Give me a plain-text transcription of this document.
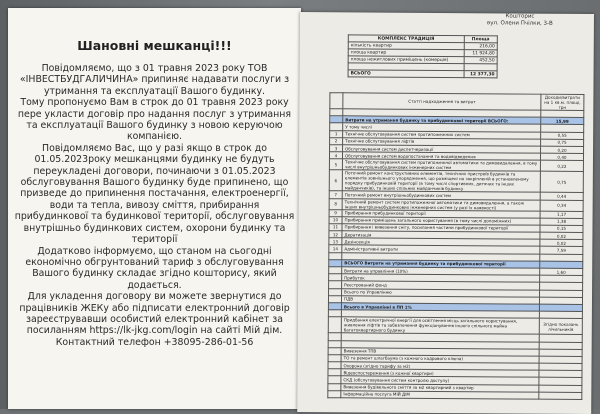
Шановні мешканці!!!

Повідомляємо, що з 01 травня 2023 року ТОВ «ІНВЕСТБУДГАЛИЧИНА» припиняє надавати послуги з утримання та експлуатації Вашого будинку.

Тому пропонуємо Вам в строк до 01 травня 2023 року пере укласти договір про надання послуг з утримання та експлуатації Вашого будинку з новою керуючою компанією.

Повідомляємо Вас, що у разі якщо в строк до 01.05.2023року мешканцями будинку не будуть переукладені договори, починаючи з 01.05.2023 обслуговування Вашого будинку буде припинено, що призведе до припинення постачання, електроенергії, води та тепла, вивозу сміття, прибирання прибудинкової та будинкової території, обслуговування внутрішньо будинкових систем, охорони будинку та території

Додатково інформуємо, що станом на сьогодні економічно обгрунтований тариф з обслуговування Вашого будинку складає згідно кошторису, який додається.

Для укладення договору ви можете звернутися до працівників ЖЕКу або підписати електронний договір зареєструвавши особистий електронний кабінет за посиланням https://lk-jkg.com/login на сайті Мій дім. Контактний телефон +38095-286-01-56

Кошторис
вул. Олени Пчілки, 3-В
КОМПЛЕКС ТРАДИЦІЯ	Площа
кількість квартир	216,00
площа квартир	11 924,80
площа нежитлових приміщень (комерція)	452,50

ВСЬОГО	12 377,30
	Статті надходження та витрат	Доходи/витрати на 1 кв.м. площі, грн

	Витрати на утримання будинку та прибудинкової території ВСЬОГО:	15,99
	У тому числі	
1	Технічне обслуговування систем протипожежних систем	0,55
2	Технічне обслуговування ліфтів	0,75
3	Обслуговування систем диспетчеризації	0,20
4	Обслуговування систем водопостачання та водовідведення	0,40
5	Технічне обслуговування систем протипожежної автоматики та димовидалення, в тому числі внутрішньобудинкових інженерних систем	0,22
6	Поточний ремонт конструктивних елементів, технічних пристроїв будинків та елементів зовнішнього упорядження, що розміщені на закріпленій в установленому порядку прибудинковій території (в тому числі спортивних, дитячих та інших майданчиків), та інших спільних майданчиків будинку	0,75
7	Поточний ремонт внутрішньобудинкових систем	0,44
8	Технічний ремонт систем протипожежної автоматики та димовидалення, а також інших внутрішньобудинкових інженерних систем (у разі їх наявності)	0,34
9	Прибирання прибудинкової території	1,17
10	Прибирання приміщень загального користування (в тому числі допоміжних)	1,38
11	Прибирання і вивезення снігу, посипання частини прибудинкової території	0,15
12	Дератизація	0,02
13	Дезінсекція	0,02
14	Адміністративні витрати	7,59

	ВСЬОГО Витрати на утримання будинку та прибудинкової території	
	Витрати на управління (10%)	1,60
	Прибуток	
	Реєстрований фонд	
	Всього по Управлінню	
	ПДВ	
	Всього в Управлінні в ПП 1%	

	Придбання електричної енергії для освітлення місць загального користування, живлення ліфтів та забезпечення функціонування іншого спільного майна багатоквартирного будинку	Згідно показань лічильників

	Вивезення ТПВ	
	ТО та ремонт шлагбаума (з кожного кадрового ключа)	
	Охорона (згідно тарифу за м2)	
	Відеоспостереження (з кожної квартири)	
	СКД (обслуговування систем контролю доступу)	
	Вивезення будівельного сміття за м2 квартирний з квартир	
	Інформаційна послуга МІЙ ДІМ	
